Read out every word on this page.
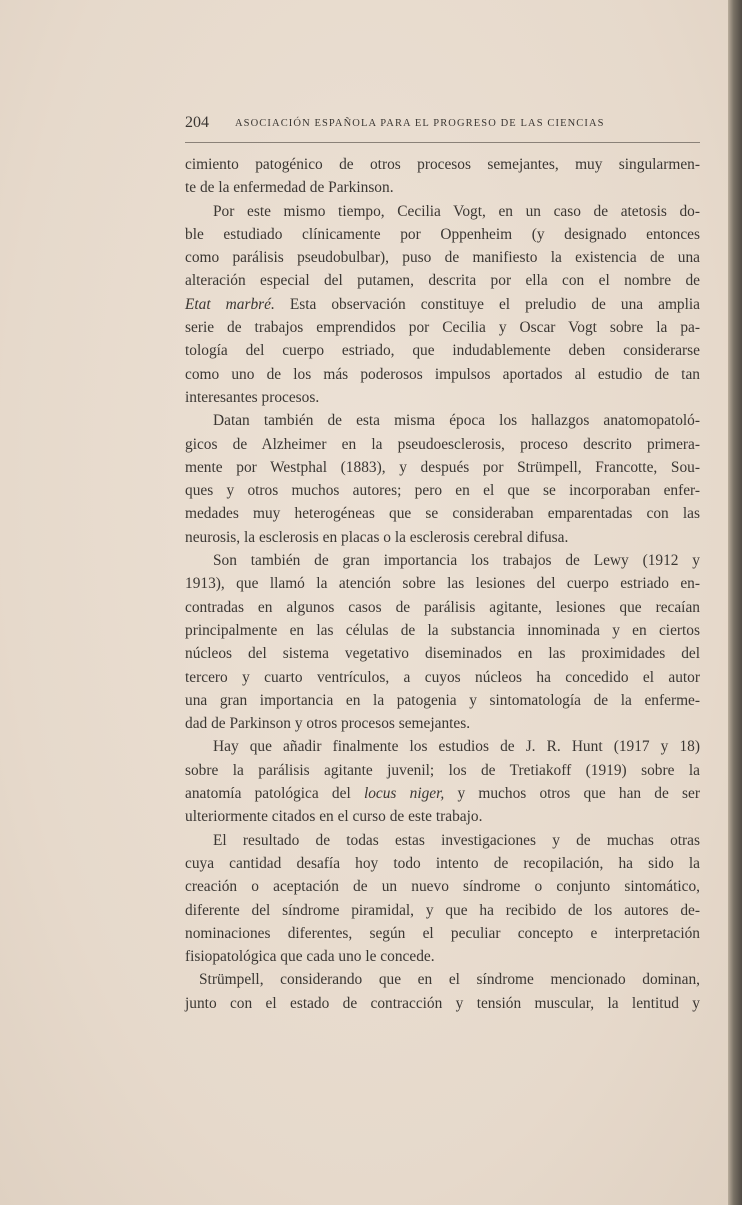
204 ASOCIACIÓN ESPAÑOLA PARA EL PROGRESO DE LAS CIENCIAS
cimiento patogénico de otros procesos semejantes, muy singularmen-
te de la enfermedad de Parkinson.
Por este mismo tiempo, Cecilia Vogt, en un caso de atetosis do-
ble estudiado clínicamente por Oppenheim (y designado entonces
como parálisis pseudobulbar), puso de manifiesto la existencia de una
alteración especial del putamen, descrita por ella con el nombre de
Etat marbré. Esta observación constituye el preludio de una amplia
serie de trabajos emprendidos por Cecilia y Oscar Vogt sobre la pa-
tología del cuerpo estriado, que indudablemente deben considerarse
como uno de los más poderosos impulsos aportados al estudio de tan
interesantes procesos.
Datan también de esta misma época los hallazgos anatomopatoló-
gicos de Alzheimer en la pseudoesclerosis, proceso descrito primera-
mente por Westphal (1883), y después por Strümpell, Francotte, Sou-
ques y otros muchos autores; pero en el que se incorporaban enfer-
medades muy heterogéneas que se consideraban emparentadas con las
neurosis, la esclerosis en placas o la esclerosis cerebral difusa.
Son también de gran importancia los trabajos de Lewy (1912 y
1913), que llamó la atención sobre las lesiones del cuerpo estriado en-
contradas en algunos casos de parálisis agitante, lesiones que recaían
principalmente en las células de la substancia innominada y en ciertos
núcleos del sistema vegetativo diseminados en las proximidades del
tercero y cuarto ventrículos, a cuyos núcleos ha concedido el autor
una gran importancia en la patogenia y sintomatología de la enferme-
dad de Parkinson y otros procesos semejantes.
Hay que añadir finalmente los estudios de J. R. Hunt (1917 y 18)
sobre la parálisis agitante juvenil; los de Tretiakoff (1919) sobre la
anatomía patológica del locus niger, y muchos otros que han de ser
ulteriormente citados en el curso de este trabajo.
El resultado de todas estas investigaciones y de muchas otras
cuya cantidad desafía hoy todo intento de recopilación, ha sido la
creación o aceptación de un nuevo síndrome o conjunto sintomático,
diferente del síndrome piramidal, y que ha recibido de los autores de-
nominaciones diferentes, según el peculiar concepto e interpretación
fisiopatológica que cada uno le concede.
Strümpell, considerando que en el síndrome mencionado dominan,
junto con el estado de contracción y tensión muscular, la lentitud y
